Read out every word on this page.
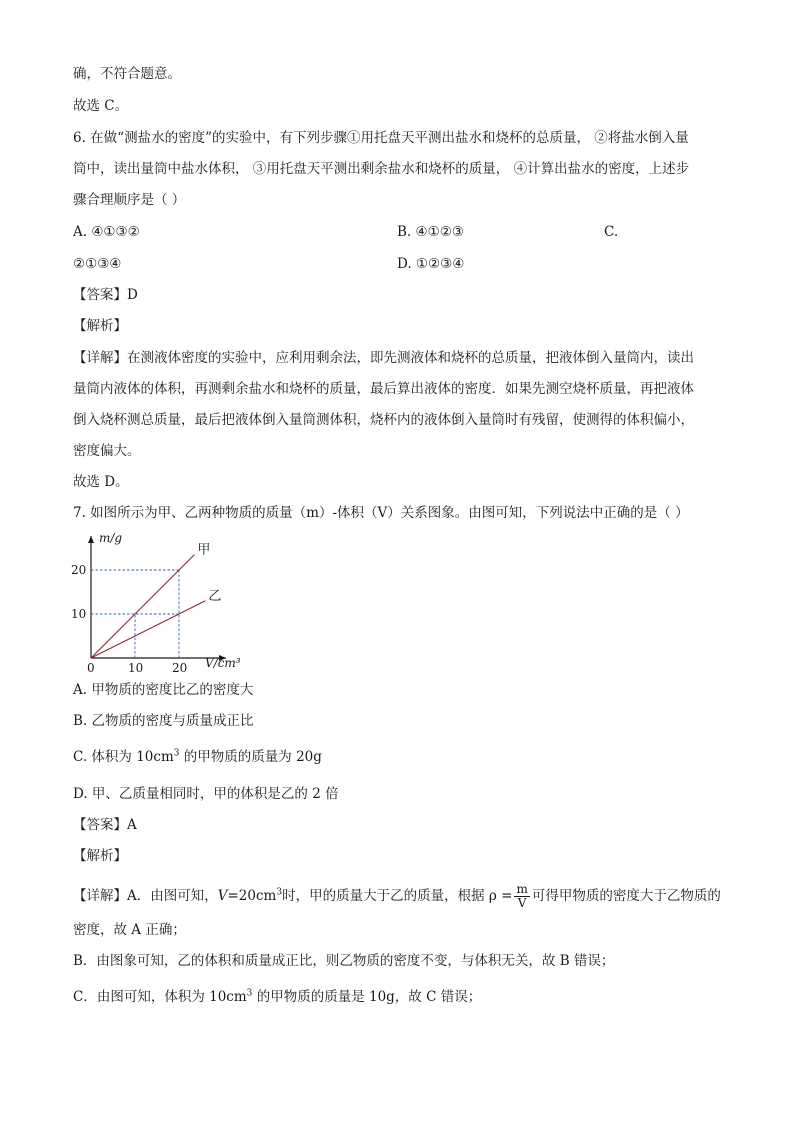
确，不符合题意。
故选 C。
6. 在做“测盐水的密度”的实验中，有下列步骤①用托盘天平测出盐水和烧杯的总质量， ②将盐水倒入量
筒中，读出量筒中盐水体积， ③用托盘天平测出剩余盐水和烧杯的质量， ④计算出盐水的密度，上述步
骤合理顺序是（ ）
A. ④①③②	B. ④①②③	C.
②①③④	D. ①②③④
【答案】D
【解析】
【详解】在测液体密度的实验中，应利用剩余法，即先测液体和烧杯的总质量，把液体倒入量筒内，读出
量筒内液体的体积，再测剩余盐水和烧杯的质量，最后算出液体的密度．如果先测空烧杯质量，再把液体
倒入烧杯测总质量，最后把液体倒入量筒测体积，烧杯内的液体倒入量筒时有残留，使测得的体积偏小，
密度偏大。
故选 D。
7. 如图所示为甲、乙两种物质的质量（m）-体积（V）关系图象。由图可知，下列说法中正确的是（ ）
甲
乙
0	10 20
10
20
V/cm³
m/g
A. 甲物质的密度比乙的密度大
B. 乙物质的密度与质量成正比
C. 体积为 $10cm^3$ 的甲物质的质量为 20g
D. 甲、乙质量相同时，甲的体积是乙的 2 倍
【答案】A
【解析】
【详解】A．由图可知，$V=20cm^3$时，甲的质量大于乙的质量，根据 $\rho = \frac{m}{V}$ 可得甲物质的密度大于乙物质的
密度，故 A 正确；
B．由图象可知，乙的体积和质量成正比，则乙物质的密度不变，与体积无关，故 B 错误；
C．由图可知，体积为 $10cm^3$ 的甲物质的质量是 10g，故 C 错误；
